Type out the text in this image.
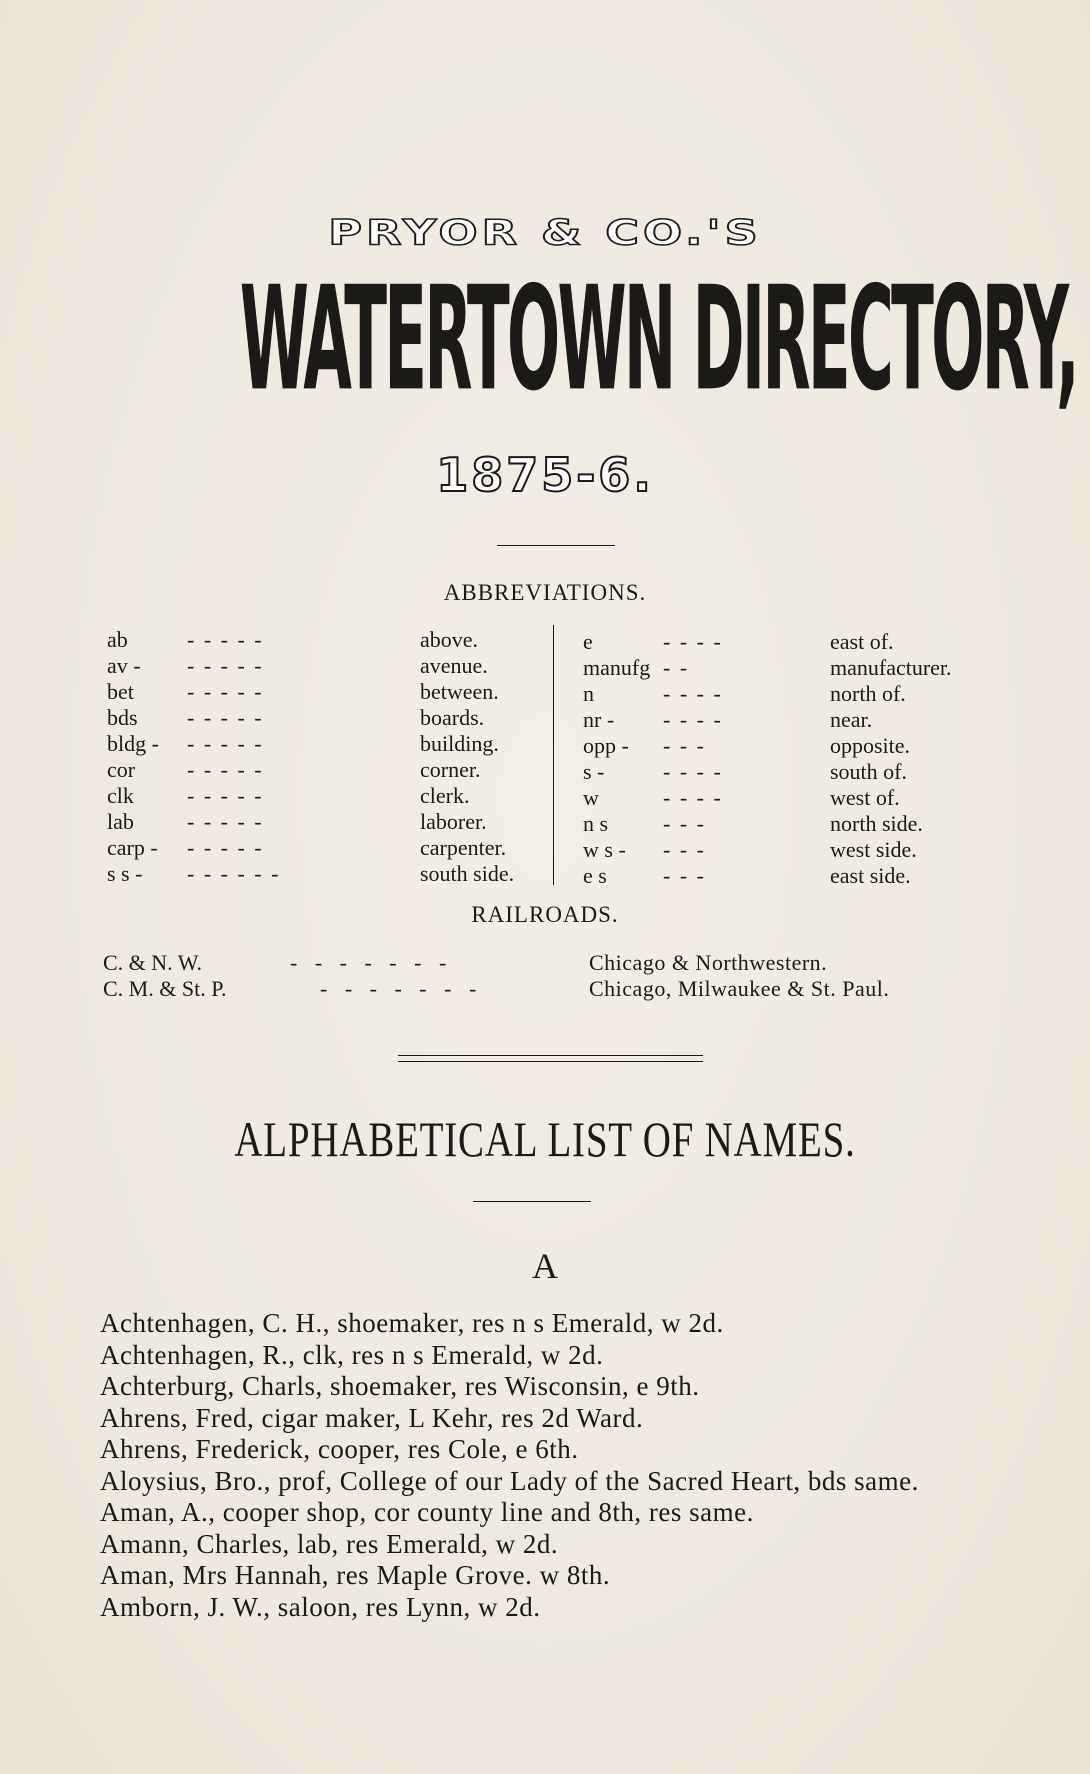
PRYOR & CO.'S
WATERTOWN DIRECTORY,
1875-6.
ABBREVIATIONS.
ab	- - - - -	above.
av - - - - - -	avenue.
bet - - - - -	between.
bds - - - - -	boards.
bldg - - - - - -	building.
cor - - - - -	corner.
clk - - - - -	clerk.
lab - - - - -	laborer.
carp - - - - - -	carpenter.
s s - - - - - - -	south side.
e	- - - -	east of.
manufg - -	manufacturer.
n	- - - -	north of.
nr - - - - -	near.
opp - - - -	opposite.
s -	- - - -	south of.
w	- - - -	west of.
n s - - -	north side.
w s - - - -	west side.
e s	- - -	east side.
RAILROADS.
C. & N. W.	- - - - - - -	Chicago & Northwestern.
C. M. & St. P.	- - - - - - -	Chicago, Milwaukee & St. Paul.
ALPHABETICAL LIST OF NAMES.
A

Achtenhagen, C. H., shoemaker, res n s Emerald, w 2d.

Achtenhagen, R., clk, res n s Emerald, w 2d.

Achterburg, Charls, shoemaker, res Wisconsin, e 9th.

Ahrens, Fred, cigar maker, L Kehr, res 2d Ward.

Ahrens, Frederick, cooper, res Cole, e 6th.

Aloysius, Bro., prof, College of our Lady of the Sacred Heart, bds same.

Aman, A., cooper shop, cor county line and 8th, res same.

Amann, Charles, lab, res Emerald, w 2d.

Aman, Mrs Hannah, res Maple Grove. w 8th.

Amborn, J. W., saloon, res Lynn, w 2d.
